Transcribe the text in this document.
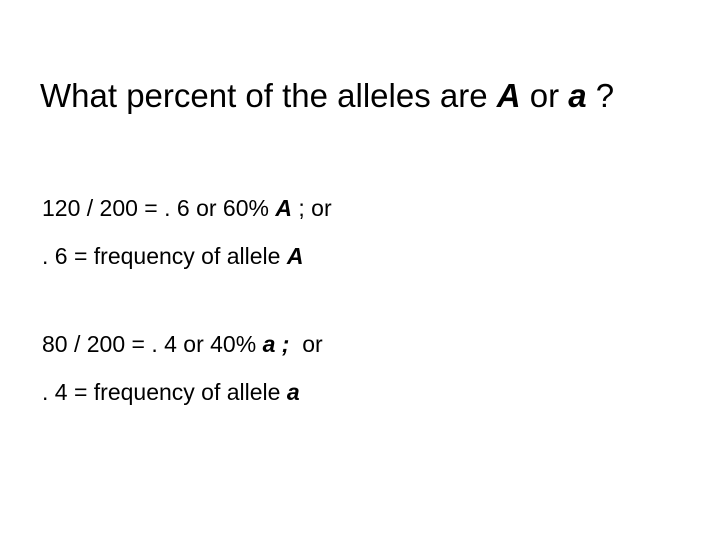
What percent of the alleles are A or a ?
120 / 200 = . 6 or 60% A ; or
. 6 = frequency of allele A
80 / 200 = . 4 or 40% a ;  or
. 4 = frequency of allele a
